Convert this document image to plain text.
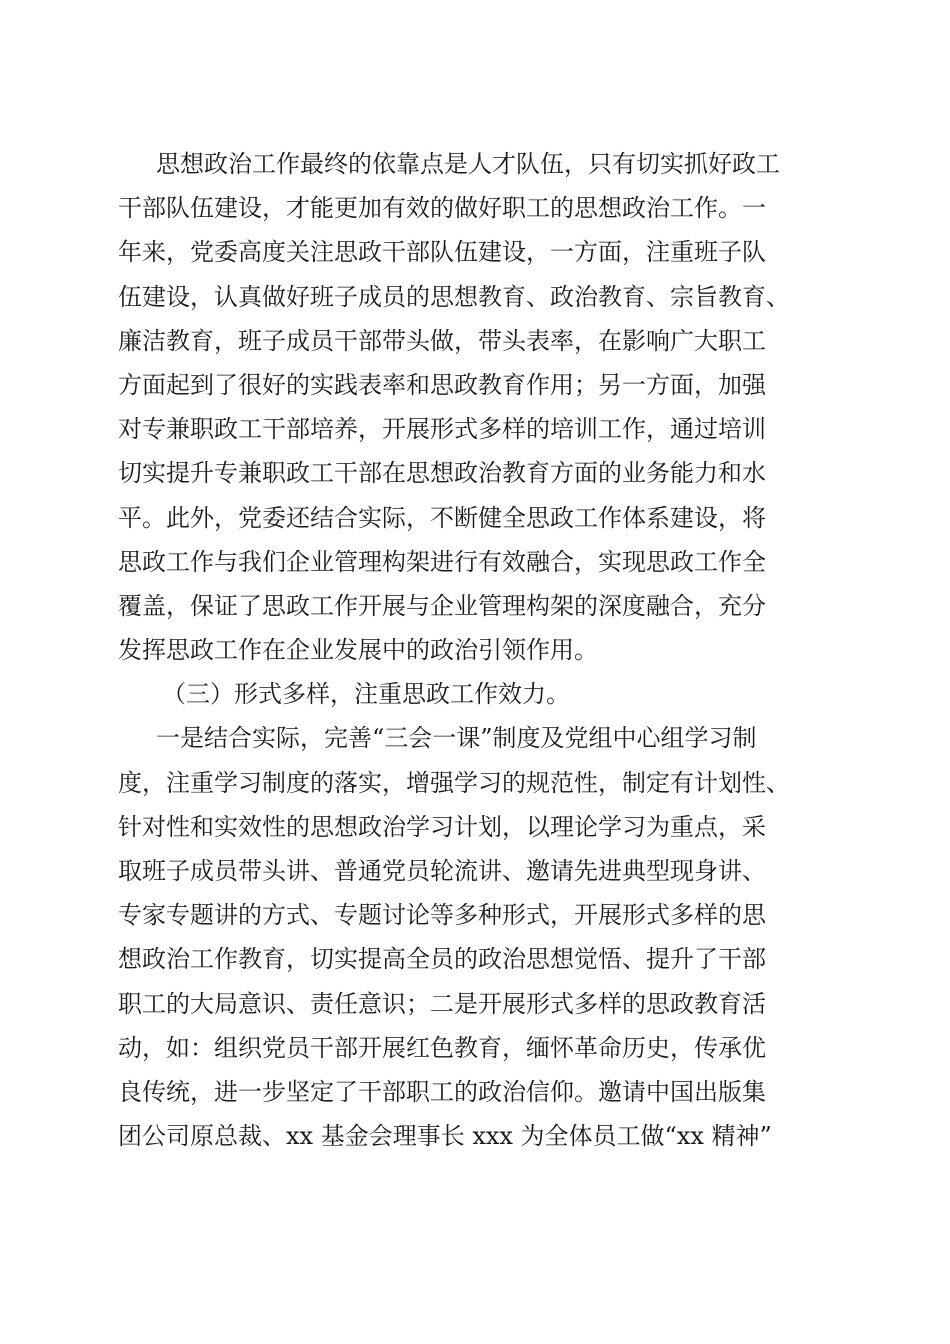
思想政治工作最终的依靠点是人才队伍，只有切实抓好政工
干部队伍建设，才能更加有效的做好职工的思想政治工作。一
年来，党委高度关注思政干部队伍建设，一方面，注重班子队
伍建设，认真做好班子成员的思想教育、政治教育、宗旨教育、
廉洁教育，班子成员干部带头做，带头表率，在影响广大职工
方面起到了很好的实践表率和思政教育作用；另一方面，加强
对专兼职政工干部培养，开展形式多样的培训工作，通过培训
切实提升专兼职政工干部在思想政治教育方面的业务能力和水
平。此外，党委还结合实际，不断健全思政工作体系建设，将
思政工作与我们企业管理构架进行有效融合，实现思政工作全
覆盖，保证了思政工作开展与企业管理构架的深度融合，充分
发挥思政工作在企业发展中的政治引领作用。
（三）形式多样，注重思政工作效力。
一是结合实际，完善“三会一课”制度及党组中心组学习制
度，注重学习制度的落实，增强学习的规范性，制定有计划性、
针对性和实效性的思想政治学习计划，以理论学习为重点，采
取班子成员带头讲、普通党员轮流讲、邀请先进典型现身讲、
专家专题讲的方式、专题讨论等多种形式，开展形式多样的思
想政治工作教育，切实提高全员的政治思想觉悟、提升了干部
职工的大局意识、责任意识；二是开展形式多样的思政教育活
动，如：组织党员干部开展红色教育，缅怀革命历史，传承优
良传统，进一步坚定了干部职工的政治信仰。邀请中国出版集
团公司原总裁、xx 基金会理事长 xxx 为全体员工做“xx 精神”
